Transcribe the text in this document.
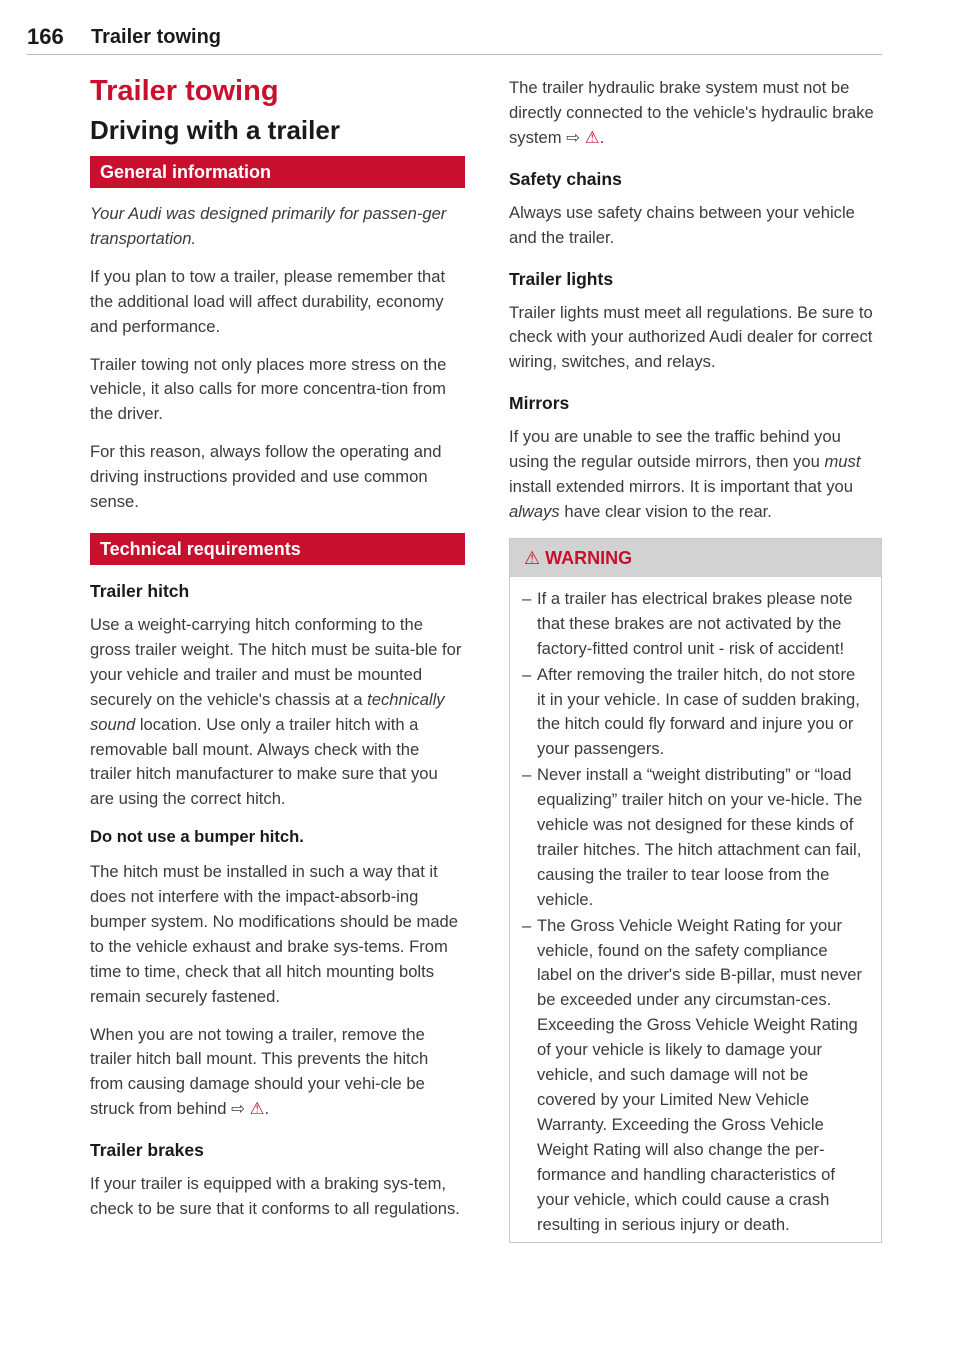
166 Trailer towing
Trailer towing
Driving with a trailer
General information

Your Audi was designed primarily for passen-ger transportation.

If you plan to tow a trailer, please remember that the additional load will affect durability, economy and performance.

Trailer towing not only places more stress on the vehicle, it also calls for more concentra-tion from the driver.

For this reason, always follow the operating and driving instructions provided and use common sense.

Technical requirements
Trailer hitch

Use a weight-carrying hitch conforming to the gross trailer weight. The hitch must be suita-ble for your vehicle and trailer and must be mounted securely on the vehicle's chassis at a technically sound location. Use only a trailer hitch with a removable ball mount. Always check with the trailer hitch manufacturer to make sure that you are using the correct hitch.

Do not use a bumper hitch.

The hitch must be installed in such a way that it does not interfere with the impact-absorb-ing bumper system. No modifications should be made to the vehicle exhaust and brake sys-tems. From time to time, check that all hitch mounting bolts remain securely fastened.

When you are not towing a trailer, remove the trailer hitch ball mount. This prevents the hitch from causing damage should your vehi-cle be struck from behind ⇨ ⚠.

Trailer brakes

If your trailer is equipped with a braking sys-tem, check to be sure that it conforms to all regulations.

The trailer hydraulic brake system must not be directly connected to the vehicle's hydraulic brake system ⇨ ⚠.

Safety chains

Always use safety chains between your vehicle and the trailer.

Trailer lights

Trailer lights must meet all regulations. Be sure to check with your authorized Audi dealer for correct wiring, switches, and relays.

Mirrors

If you are unable to see the traffic behind you using the regular outside mirrors, then you must install extended mirrors. It is important that you always have clear vision to the rear.

⚠ WARNING
– If a trailer has electrical brakes please note that these brakes are not activated by the factory-fitted control unit - risk of accident!
– After removing the trailer hitch, do not store it in your vehicle. In case of sudden braking, the hitch could fly forward and injure you or your passengers.
– Never install a “weight distributing” or “load equalizing” trailer hitch on your ve-hicle. The vehicle was not designed for these kinds of trailer hitches. The hitch attachment can fail, causing the trailer to tear loose from the vehicle.
– The Gross Vehicle Weight Rating for your vehicle, found on the safety compliance label on the driver's side B-pillar, must never be exceeded under any circumstan-ces. Exceeding the Gross Vehicle Weight Rating of your vehicle is likely to damage your vehicle, and such damage will not be covered by your Limited New Vehicle Warranty. Exceeding the Gross Vehicle Weight Rating will also change the per-formance and handling characteristics of your vehicle, which could cause a crash resulting in serious injury or death.
